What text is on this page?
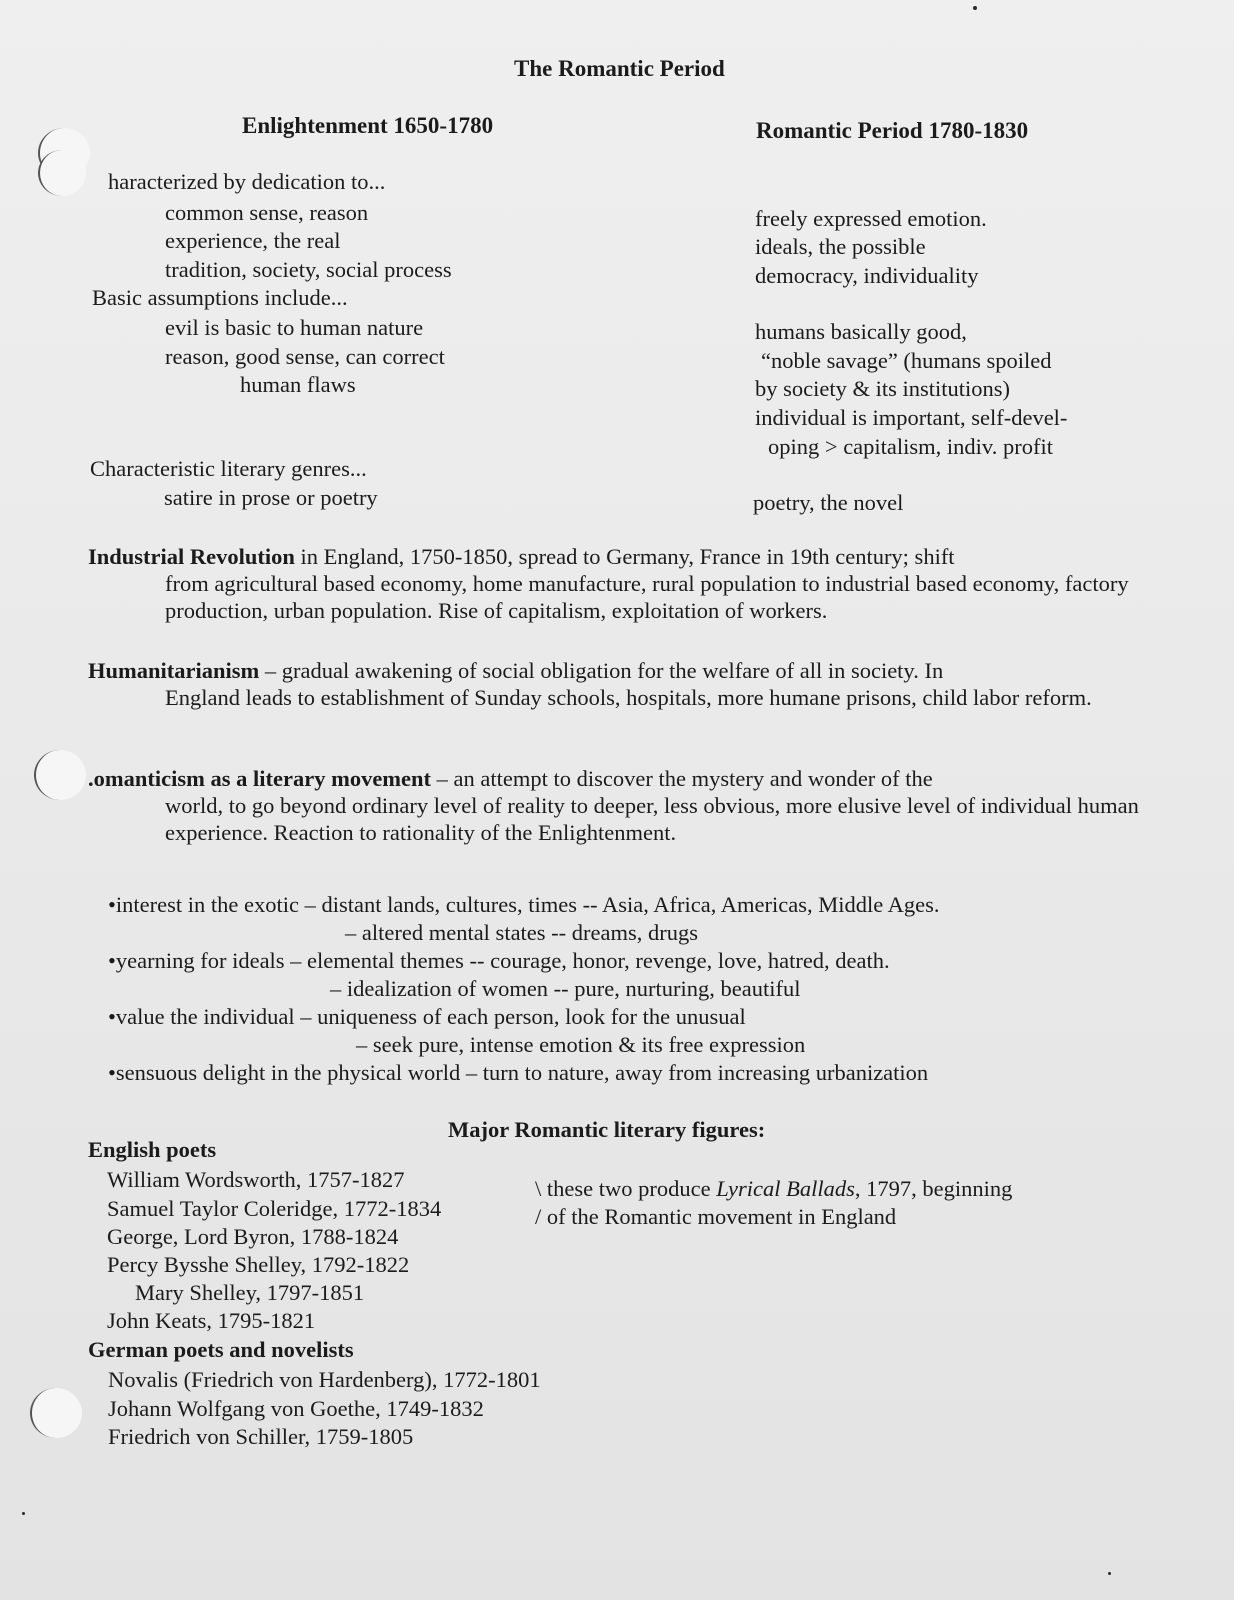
The Romantic Period
Enlightenment 1650-1780	Romantic Period 1780-1830
haracterized by dedication to...
common sense, reason
experience, the real
tradition, society, social process
Basic assumptions include...
evil is basic to human nature
reason, good sense, can correct
human flaws
Characteristic literary genres...
satire in prose or poetry
freely expressed emotion.
ideals, the possible
democracy, individuality
humans basically good,
“noble savage” (humans spoiled
by society & its institutions)
individual is important, self-devel-
oping > capitalism, indiv. profit
poetry, the novel
Industrial Revolution in England, 1750-1850, spread to Germany, France in 19th century; shift
from agricultural based economy, home manufacture, rural population to industrial based economy, factory production, urban population. Rise of capitalism, exploitation of workers.
Humanitarianism – gradual awakening of social obligation for the welfare of all in society. In
England leads to establishment of Sunday schools, hospitals, more humane prisons, child labor reform.
.omanticism as a literary movement – an attempt to discover the mystery and wonder of the
world, to go beyond ordinary level of reality to deeper, less obvious, more elusive level of individual human experience. Reaction to rationality of the Enlightenment.
•interest in the exotic – distant lands, cultures, times -- Asia, Africa, Americas, Middle Ages.
– altered mental states -- dreams, drugs
•yearning for ideals – elemental themes -- courage, honor, revenge, love, hatred, death.
– idealization of women -- pure, nurturing, beautiful
•value the individual – uniqueness of each person, look for the unusual
– seek pure, intense emotion & its free expression
•sensuous delight in the physical world – turn to nature, away from increasing urbanization
Major Romantic literary figures:
English poets
William Wordsworth, 1757-1827
Samuel Taylor Coleridge, 1772-1834
George, Lord Byron, 1788-1824
Percy Bysshe Shelley, 1792-1822
Mary Shelley, 1797-1851
John Keats, 1795-1821
\ these two produce Lyrical Ballads, 1797, beginning
/ of the Romantic movement in England
German poets and novelists
Novalis (Friedrich von Hardenberg), 1772-1801
Johann Wolfgang von Goethe, 1749-1832
Friedrich von Schiller, 1759-1805
